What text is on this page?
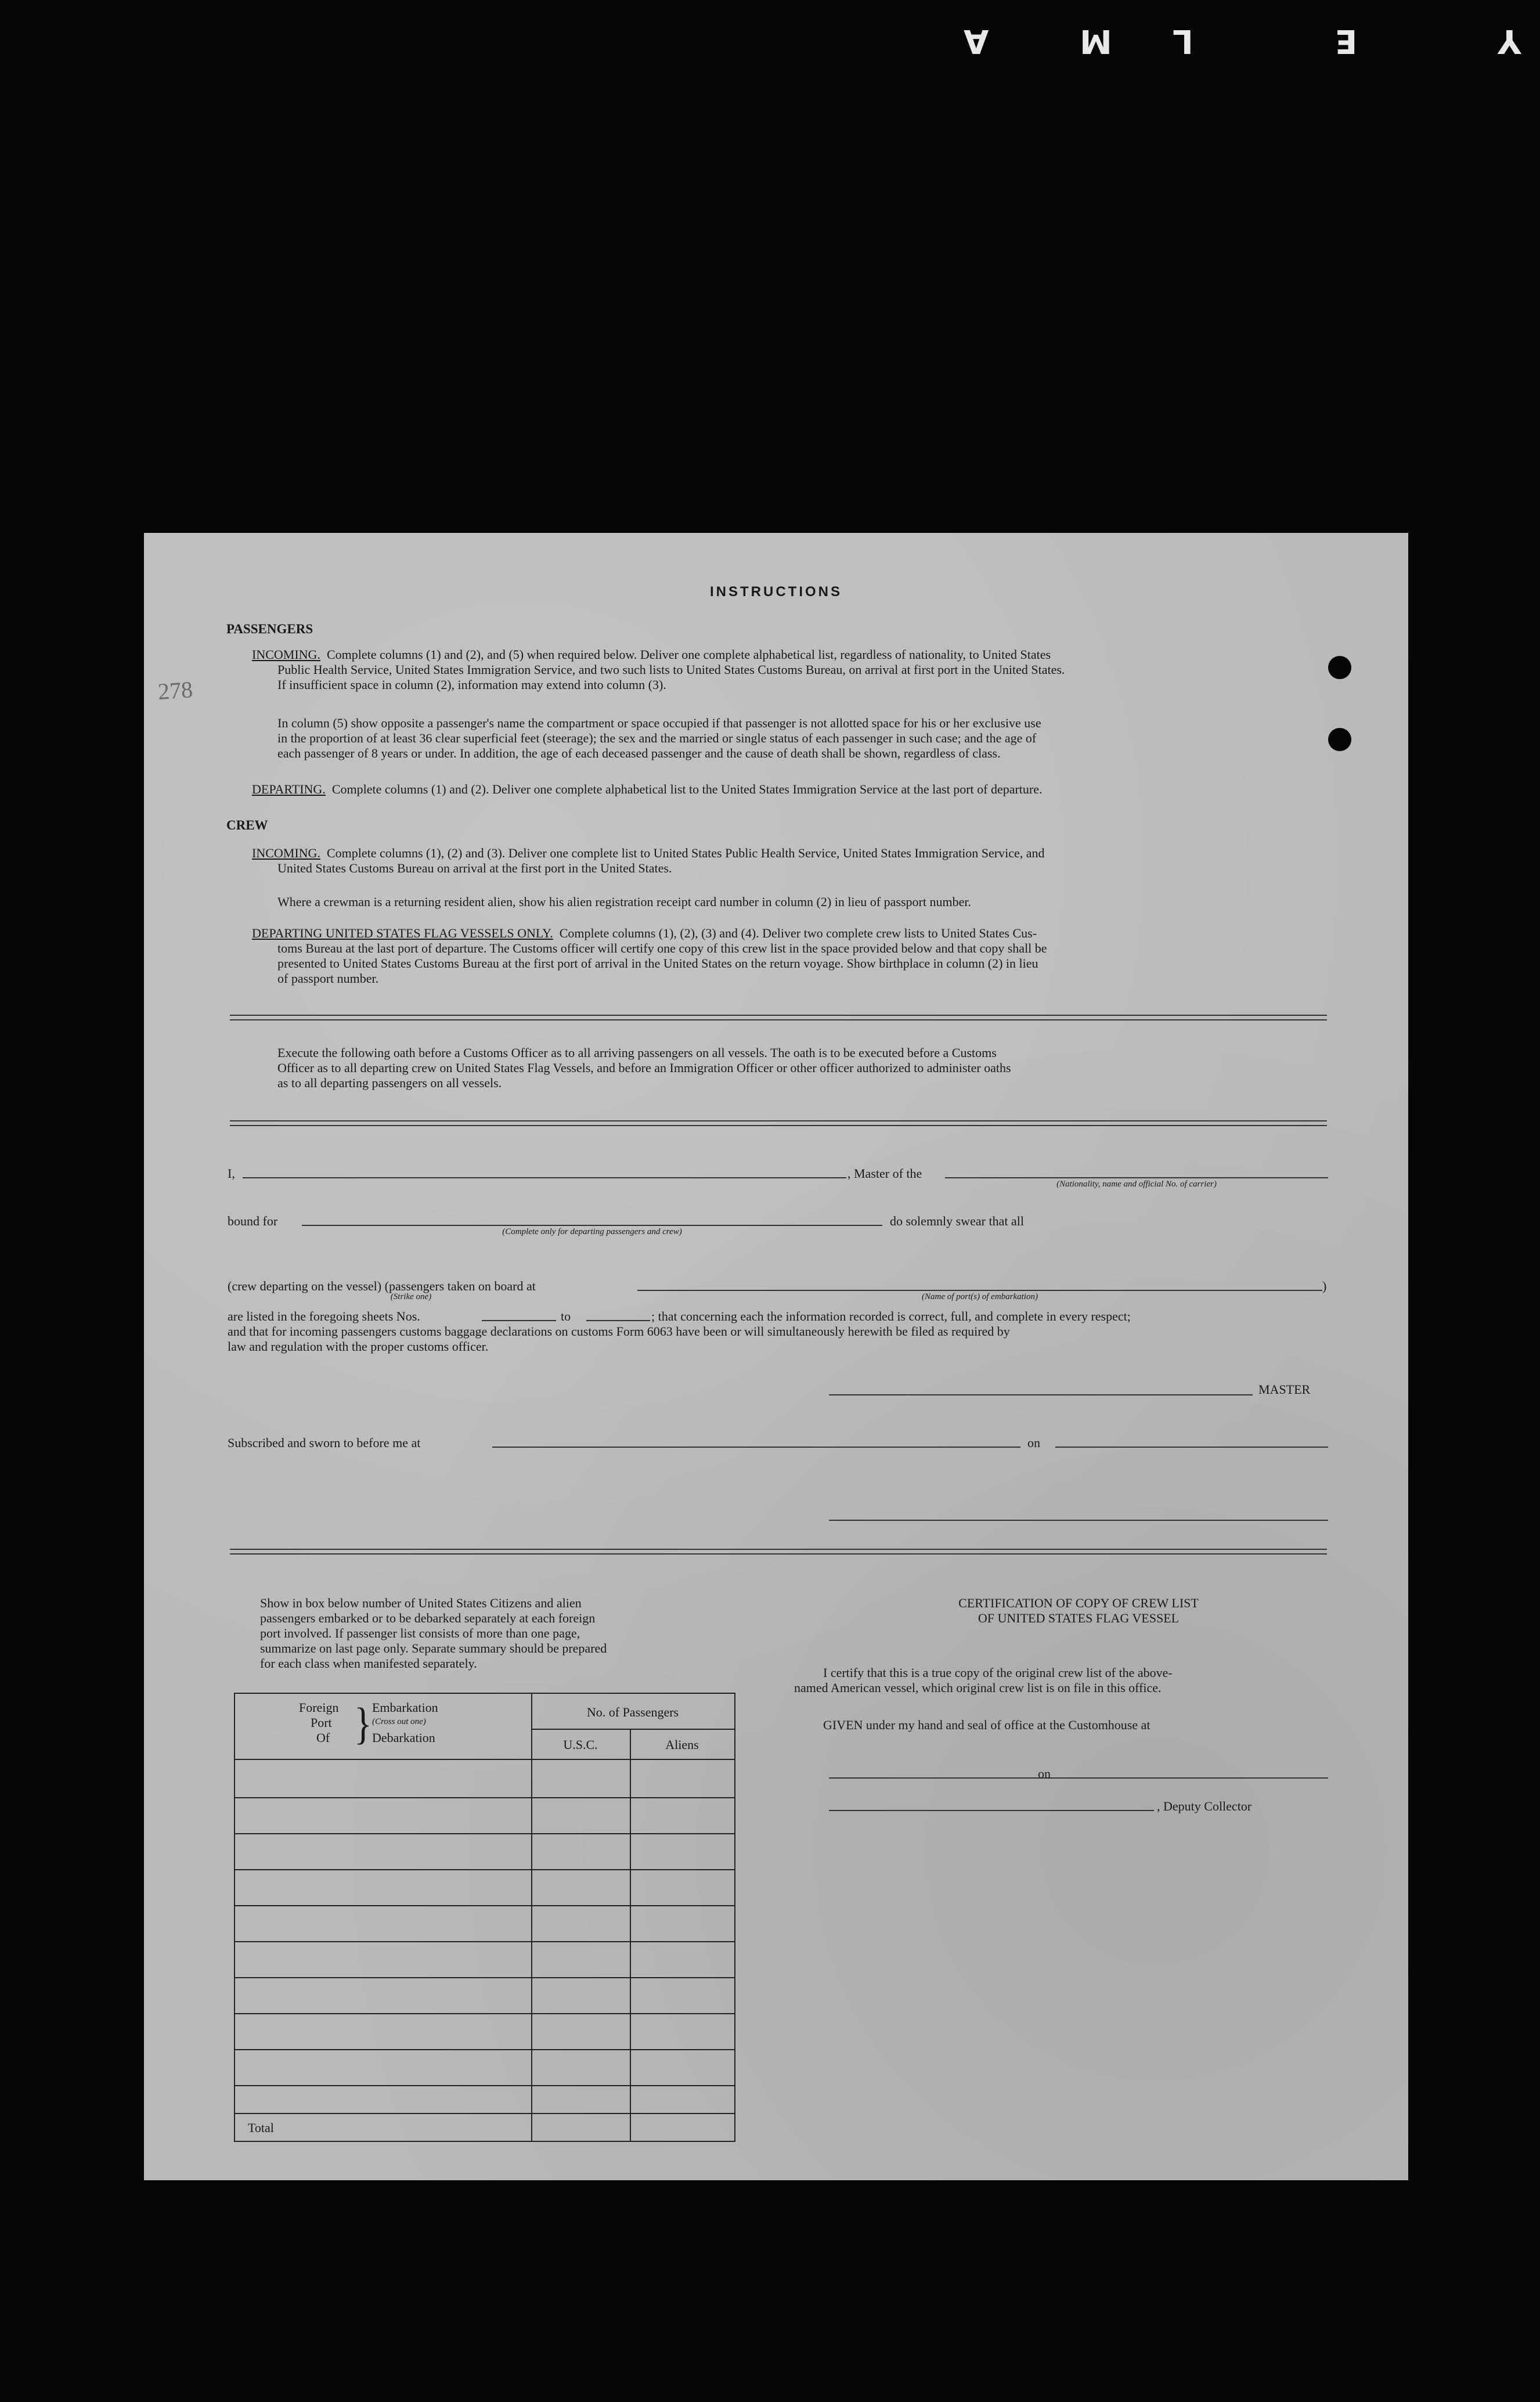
Y
E
L
M
A
278
INSTRUCTIONS
PASSENGERS
INCOMING. Complete columns (1) and (2), and (5) when required below. Deliver one complete alphabetical list, regardless of nationality, to United States
Public Health Service, United States Immigration Service, and two such lists to United States Customs Bureau, on arrival at first port in the United States.
If insufficient space in column (2), information may extend into column (3).
In column (5) show opposite a passenger's name the compartment or space occupied if that passenger is not allotted space for his or her exclusive use
in the proportion of at least 36 clear superficial feet (steerage); the sex and the married or single status of each passenger in such case; and the age of
each passenger of 8 years or under. In addition, the age of each deceased passenger and the cause of death shall be shown, regardless of class.
DEPARTING. Complete columns (1) and (2). Deliver one complete alphabetical list to the United States Immigration Service at the last port of departure.
CREW
INCOMING. Complete columns (1), (2) and (3). Deliver one complete list to United States Public Health Service, United States Immigration Service, and
United States Customs Bureau on arrival at the first port in the United States.
Where a crewman is a returning resident alien, show his alien registration receipt card number in column (2) in lieu of passport number.
DEPARTING UNITED STATES FLAG VESSELS ONLY. Complete columns (1), (2), (3) and (4). Deliver two complete crew lists to United States Cus-
toms Bureau at the last port of departure. The Customs officer will certify one copy of this crew list in the space provided below and that copy shall be
presented to United States Customs Bureau at the first port of arrival in the United States on the return voyage. Show birthplace in column (2) in lieu
of passport number.
Execute the following oath before a Customs Officer as to all arriving passengers on all vessels. The oath is to be executed before a Customs
Officer as to all departing crew on United States Flag Vessels, and before an Immigration Officer or other officer authorized to administer oaths
as to all departing passengers on all vessels.
I,	, Master of the
(Nationality, name and official No. of carrier)
bound for
(Complete only for departing passengers and crew)
do solemnly swear that all
(crew departing on the vessel) (passengers taken on board at
(Strike one)	(Name of port(s) of embarkation)
)
are listed in the foregoing sheets Nos.	to	; that concerning each the information recorded is correct, full, and complete in every respect;
and that for incoming passengers customs baggage declarations on customs Form 6063 have been or will simultaneously herewith be filed as required by
law and regulation with the proper customs officer.
MASTER
Subscribed and sworn to before me at	on
Show in box below number of United States Citizens and alien
passengers embarked or to be debarked separately at each foreign
port involved. If passenger list consists of more than one page,
summarize on last page only. Separate summary should be prepared
for each class when manifested separately.
Foreign
Port
Of } Embarkation
(Cross out one)
Debarkation
No. of Passengers
U.S.C.	Aliens
Total
CERTIFICATION OF COPY OF CREW LIST
OF UNITED STATES FLAG VESSEL
I certify that this is a true copy of the original crew list of the above-
named American vessel, which original crew list is on file in this office.
GIVEN under my hand and seal of office at the Customhouse at
on
, Deputy Collector
